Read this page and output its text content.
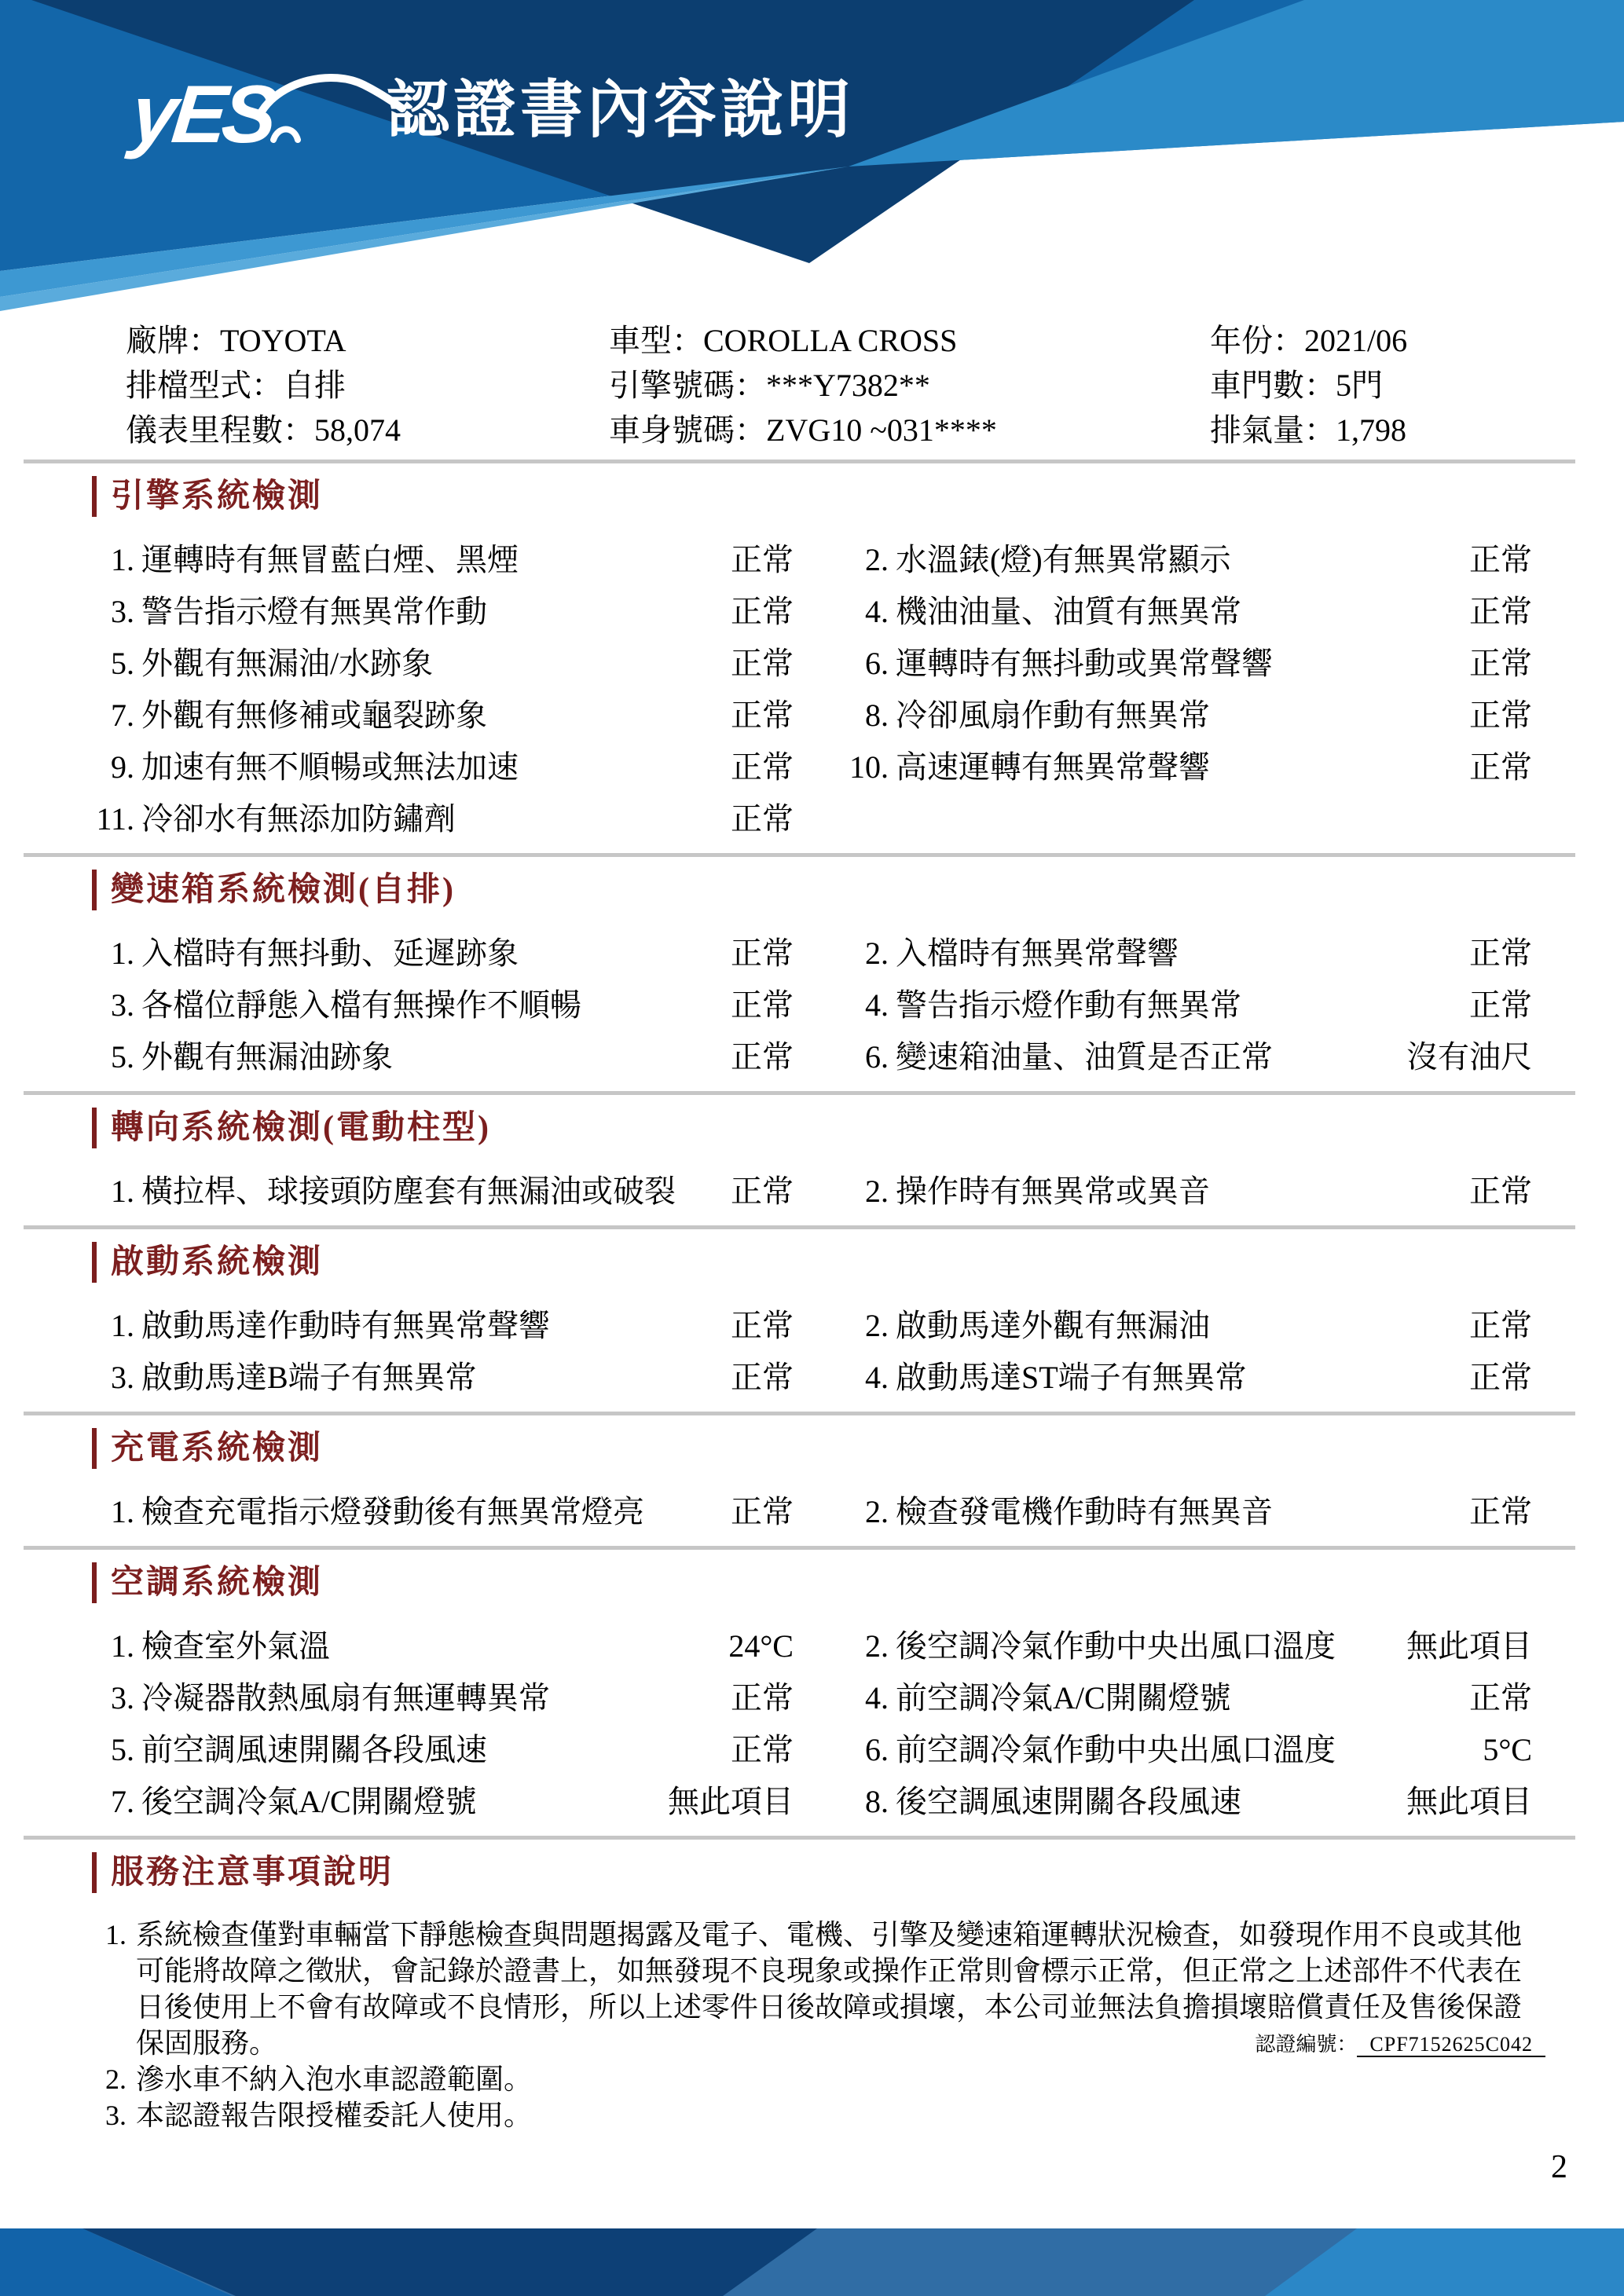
yES 認證書內容說明
廠牌：TOYOTA	車型：COROLLA CROSS	年份：2021/06
排檔型式：自排	引擎號碼：***Y7382**	車門數：5門
儀表里程數：58,074	車身號碼：ZVG10 ~031****	排氣量：1,798
引擎系統檢測
1. 運轉時有無冒藍白煙、黑煙	正常	2. 水溫錶(燈)有無異常顯示	正常
3. 警告指示燈有無異常作動	正常	4. 機油油量、油質有無異常	正常
5. 外觀有無漏油/水跡象	正常	6. 運轉時有無抖動或異常聲響	正常
7. 外觀有無修補或龜裂跡象	正常	8. 冷卻風扇作動有無異常	正常
9. 加速有無不順暢或無法加速	正常 10. 高速運轉有無異常聲響	正常
11. 冷卻水有無添加防鏽劑	正常
變速箱系統檢測(自排)
1. 入檔時有無抖動、延遲跡象	正常	2. 入檔時有無異常聲響	正常
3. 各檔位靜態入檔有無操作不順暢	正常	4. 警告指示燈作動有無異常	正常
5. 外觀有無漏油跡象	正常	6. 變速箱油量、油質是否正常	沒有油尺
轉向系統檢測(電動柱型)
1. 橫拉桿、球接頭防塵套有無漏油或破裂	正常	2. 操作時有無異常或異音	正常
啟動系統檢測
1. 啟動馬達作動時有無異常聲響	正常	2. 啟動馬達外觀有無漏油	正常
3. 啟動馬達B端子有無異常	正常	4. 啟動馬達ST端子有無異常	正常
充電系統檢測
1. 檢查充電指示燈發動後有無異常燈亮	正常	2. 檢查發電機作動時有無異音	正常
空調系統檢測
1. 檢查室外氣溫	24°C	2. 後空調冷氣作動中央出風口溫度	無此項目
3. 冷凝器散熱風扇有無運轉異常	正常	4. 前空調冷氣A/C開關燈號	正常
5. 前空調風速開關各段風速	正常	6. 前空調冷氣作動中央出風口溫度	5°C
7. 後空調冷氣A/C開關燈號	無此項目	8. 後空調風速開關各段風速	無此項目
服務注意事項說明
1. 系統檢查僅對車輛當下靜態檢查與問題揭露及電子、電機、引擎及變速箱運轉狀況檢查，如發現作用不良或其他可能將故障之徵狀，會記錄於證書上，如無發現不良現象或操作正常則會標示正常，但正常之上述部件不代表在日後使用上不會有故障或不良情形，所以上述零件日後故障或損壞，本公司並無法負擔損壞賠償責任及售後保證保固服務。
2. 滲水車不納入泡水車認證範圍。
3. 本認證報告限授權委託人使用。
認證編號： CPF7152625C042
2
